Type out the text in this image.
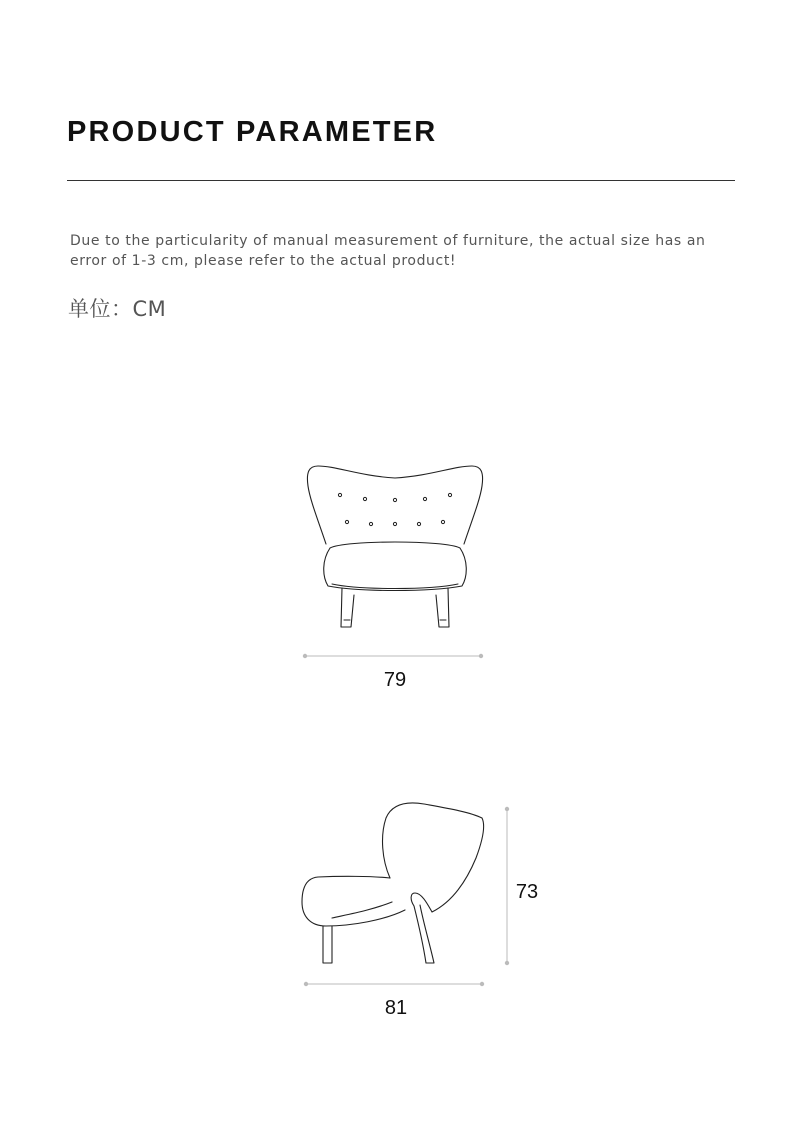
PRODUCT PARAMETER

Due to the particularity of manual measurement of furniture, the actual size has an error of 1-3 cm, please refer to the actual product!

单位：CM
79
73
81
